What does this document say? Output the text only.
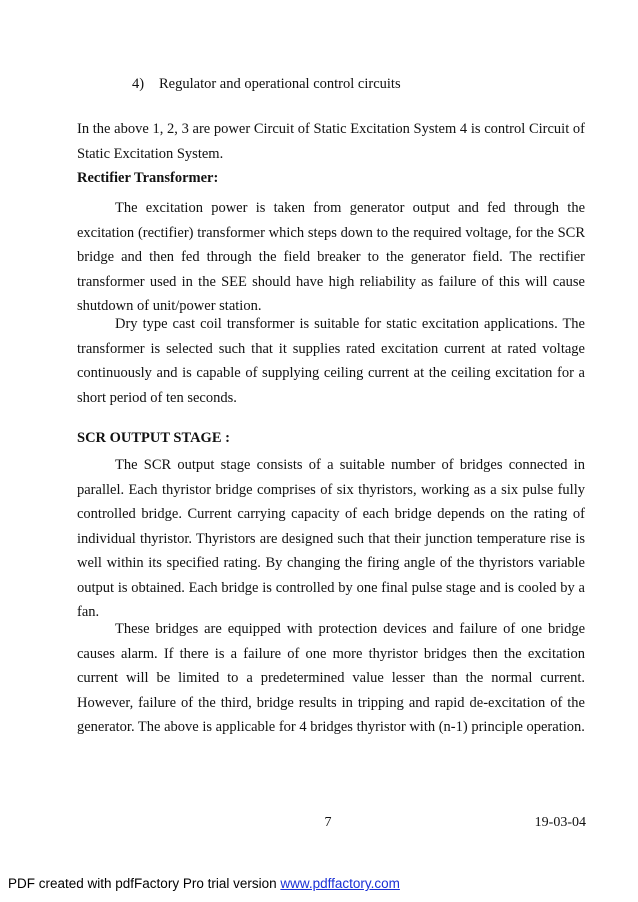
4) Regulator and operational control circuits

In the above 1, 2, 3 are power Circuit of Static Excitation System 4 is control Circuit of Static Excitation System.

Rectifier Transformer:

The excitation power is taken from generator output and fed through the excitation (rectifier) transformer which steps down to the required voltage, for the SCR bridge and then fed through the field breaker to the generator field. The rectifier transformer used in the SEE should have high reliability as failure of this will cause shutdown of unit/power station.

Dry type cast coil transformer is suitable for static excitation applications. The transformer is selected such that it supplies rated excitation current at rated voltage continuously and is capable of supplying ceiling current at the ceiling excitation for a short period of ten seconds.

SCR OUTPUT STAGE :

The SCR output stage consists of a suitable number of bridges connected in parallel. Each thyristor bridge comprises of six thyristors, working as a six pulse fully controlled bridge. Current carrying capacity of each bridge depends on the rating of individual thyristor. Thyristors are designed such that their junction temperature rise is well within its specified rating. By changing the firing angle of the thyristors variable output is obtained. Each bridge is controlled by one final pulse stage and is cooled by a fan.

These bridges are equipped with protection devices and failure of one bridge causes alarm. If there is a failure of one more thyristor bridges then the excitation current will be limited to a predetermined value lesser than the normal current. However, failure of the third, bridge results in tripping and rapid de-excitation of the generator. The above is applicable for 4 bridges thyristor with (n-1) principle operation.

7	19-03-04
PDF created with pdfFactory Pro trial version www.pdffactory.com
